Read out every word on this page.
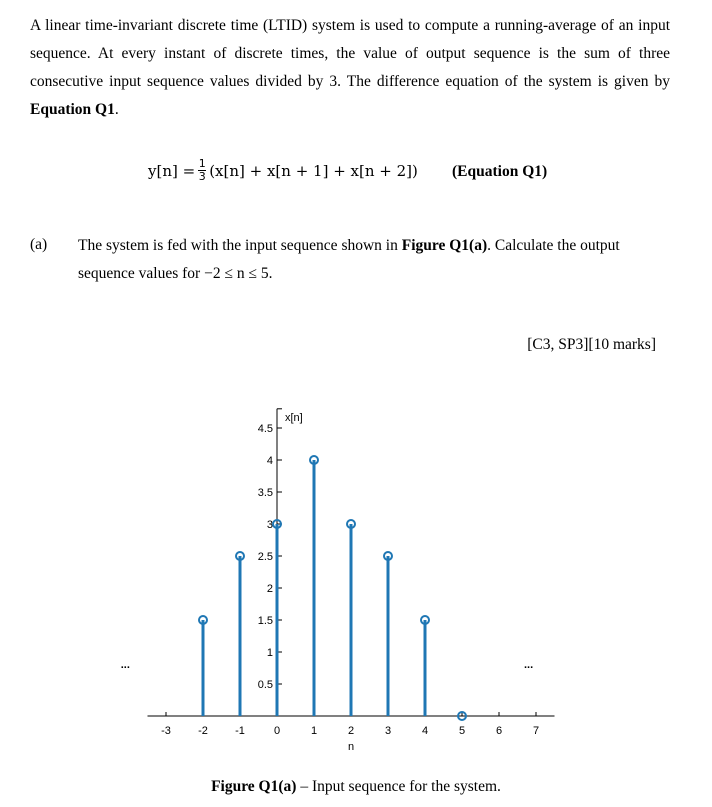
A linear time-invariant discrete time (LTID) system is used to compute a running-average of an input sequence. At every instant of discrete times, the value of output sequence is the sum of three consecutive input sequence values divided by 3. The difference equation of the system is given by Equation Q1.
$y[n] = \frac{1}{3} (x[n] + x[n + 1] + x[n + 2])$ (Equation Q1)
(a) The system is fed with the input sequence shown in Figure Q1(a). Calculate the output sequence values for −2 ≤ n ≤ 5.
[C3, SP3][10 marks]
-3 -2 -1	0	1	2	3	4	5	6	7
0.5
1
1.5
2
2.5
3
3.5
4
4.5
x[n]
n
...	...
Figure Q1(a) – Input sequence for the system.
